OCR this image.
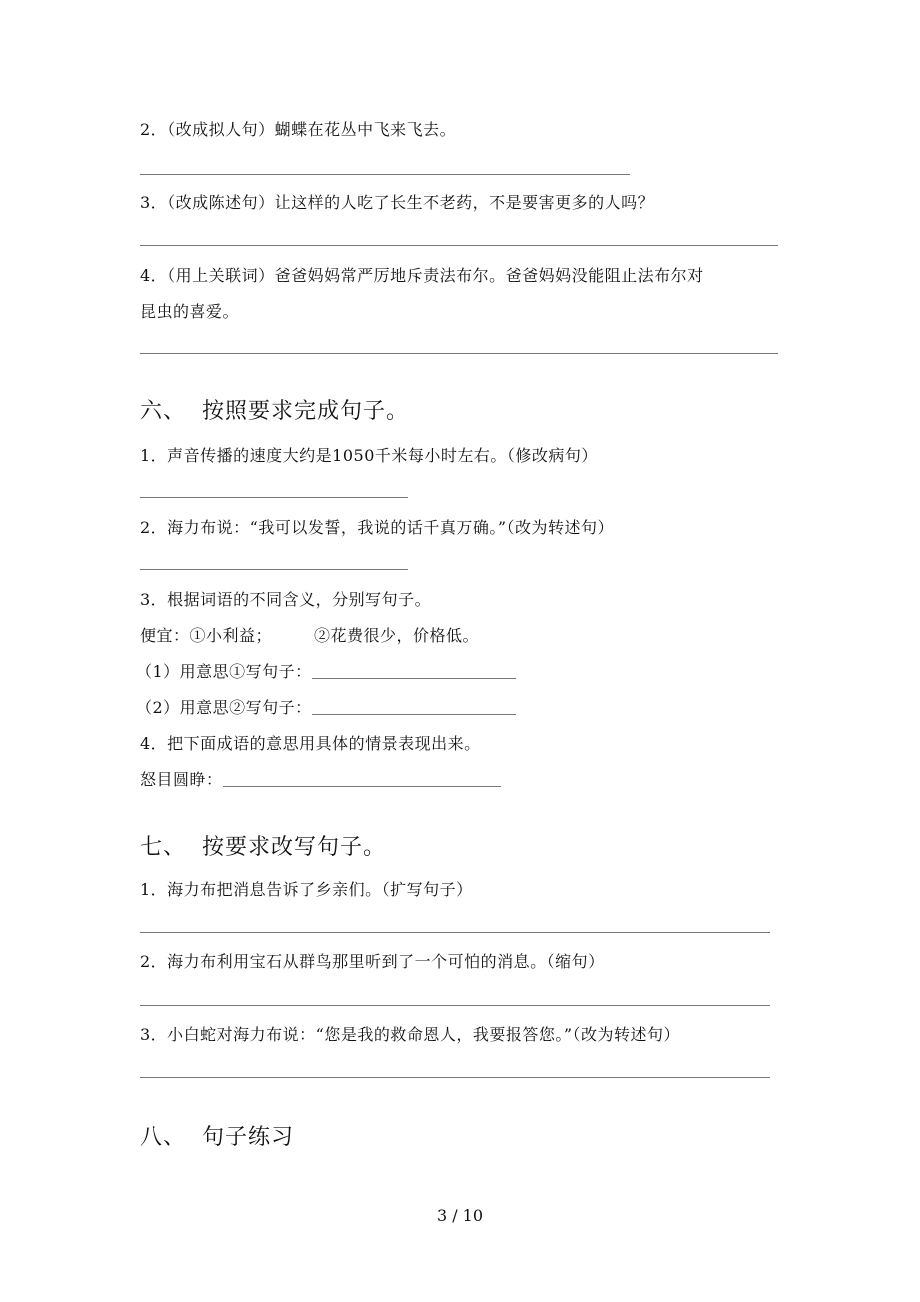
2．（改成拟人句）蝴蝶在花丛中飞来飞去。
3．（改成陈述句）让这样的人吃了长生不老药，不是要害更多的人吗？
4．（用上关联词）爸爸妈妈常严厉地斥责法布尔。爸爸妈妈没能阻止法布尔对
昆虫的喜爱。
六、 按照要求完成句子。
1．声音传播的速度大约是1050千米每小时左右。（修改病句）
2．海力布说：“我可以发誓，我说的话千真万确。”（改为转述句）
3．根据词语的不同含义，分别写句子。
便宜：①小利益；	②花费很少，价格低。
（1）用意思①写句子：
（2）用意思②写句子：
4．把下面成语的意思用具体的情景表现出来。
怒目圆睁：
七、 按要求改写句子。
1．海力布把消息告诉了乡亲们。（扩写句子）
2．海力布利用宝石从群鸟那里听到了一个可怕的消息。（缩句）
3．小白蛇对海力布说：“您是我的救命恩人，我要报答您。”（改为转述句）
八、 句子练习
3 / 10
